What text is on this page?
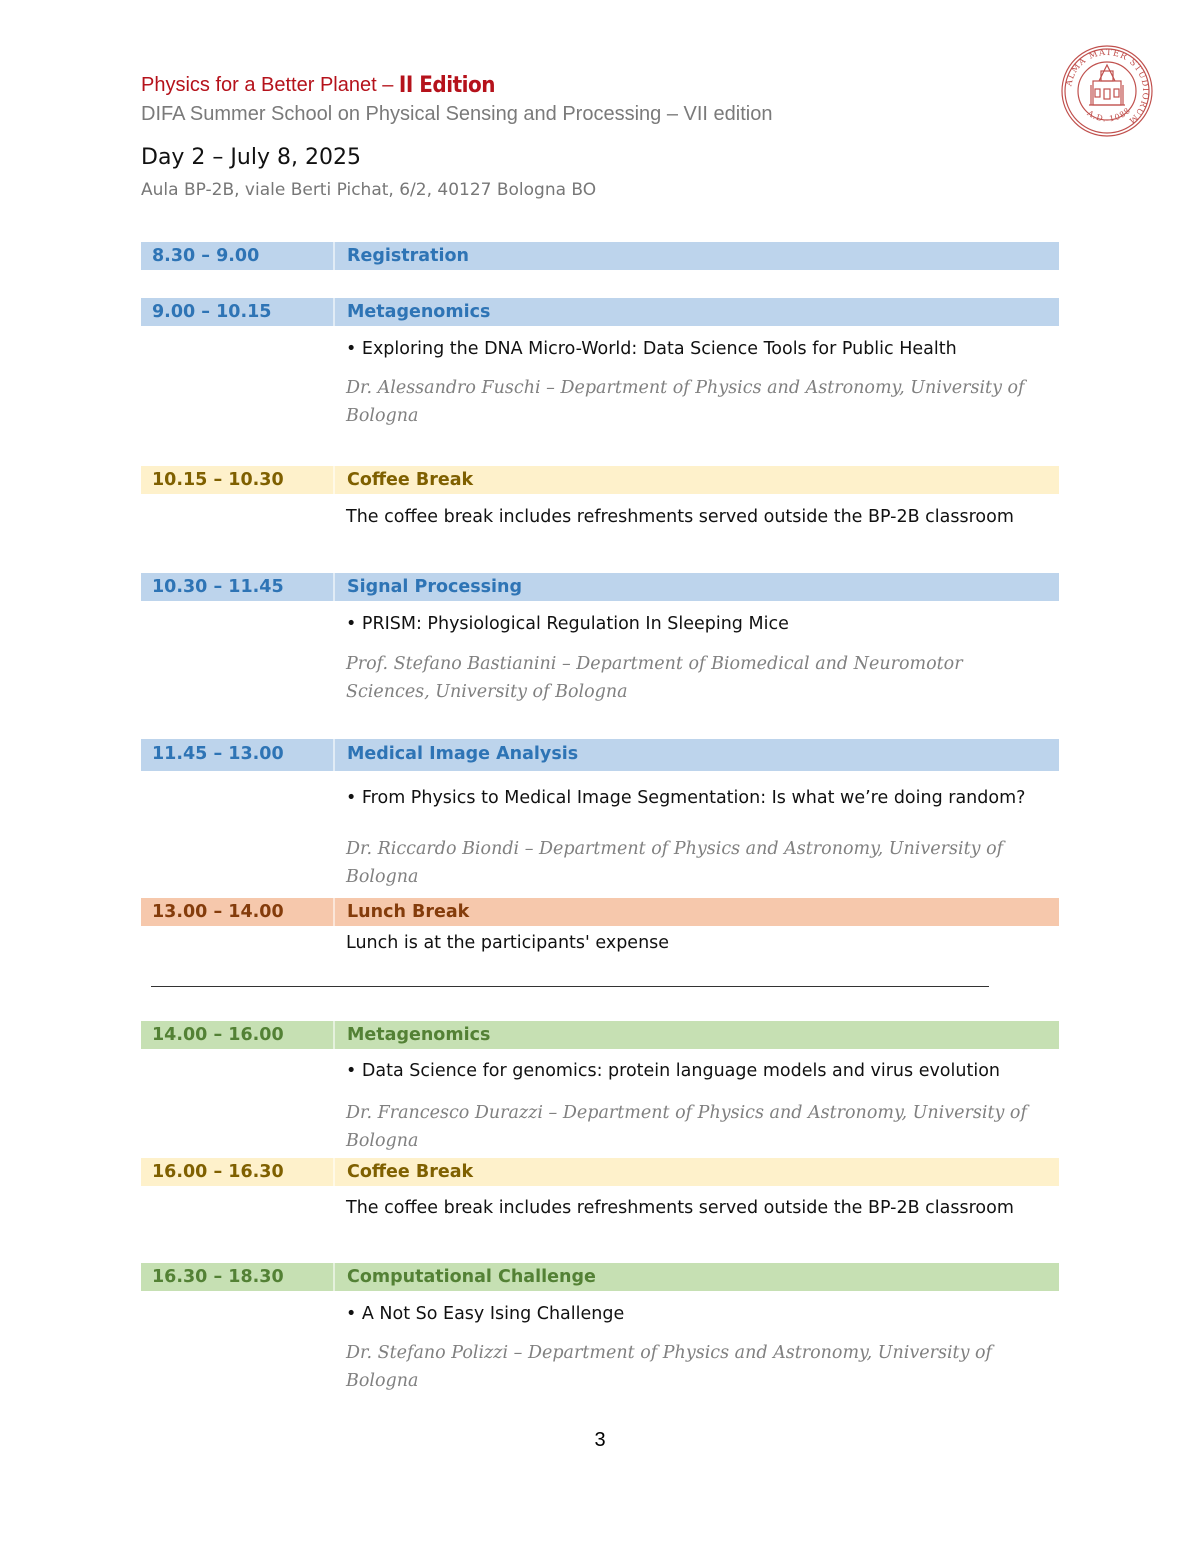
Physics for a Better Planet – II Edition
DIFA Summer School on Physical Sensing and Processing – VII edition
Day 2 – July 8, 2025
Aula BP-2B, viale Berti Pichat, 6/2, 40127 Bologna BO
ALMA MATER STUDIORUM
A.D. 1088
8.30 – 9.00	Registration
9.00 – 10.15	Metagenomics
• Exploring the DNA Micro-World: Data Science Tools for Public Health
Dr. Alessandro Fuschi – Department of Physics and Astronomy, University of Bologna
10.15 – 10.30	Coffee Break
The coffee break includes refreshments served outside the BP-2B classroom
10.30 – 11.45	Signal Processing
• PRISM: Physiological Regulation In Sleeping Mice
Prof. Stefano Bastianini – Department of Biomedical and Neuromotor Sciences, University of Bologna
11.45 – 13.00	Medical Image Analysis
• From Physics to Medical Image Segmentation: Is what we’re doing random?
Dr. Riccardo Biondi – Department of Physics and Astronomy, University of Bologna
13.00 – 14.00	Lunch Break
Lunch is at the participants' expense
14.00 – 16.00	Metagenomics
• Data Science for genomics: protein language models and virus evolution
Dr. Francesco Durazzi – Department of Physics and Astronomy, University of Bologna
16.00 – 16.30	Coffee Break
The coffee break includes refreshments served outside the BP-2B classroom
16.30 – 18.30	Computational Challenge
• A Not So Easy Ising Challenge
Dr. Stefano Polizzi – Department of Physics and Astronomy, University of Bologna
3
